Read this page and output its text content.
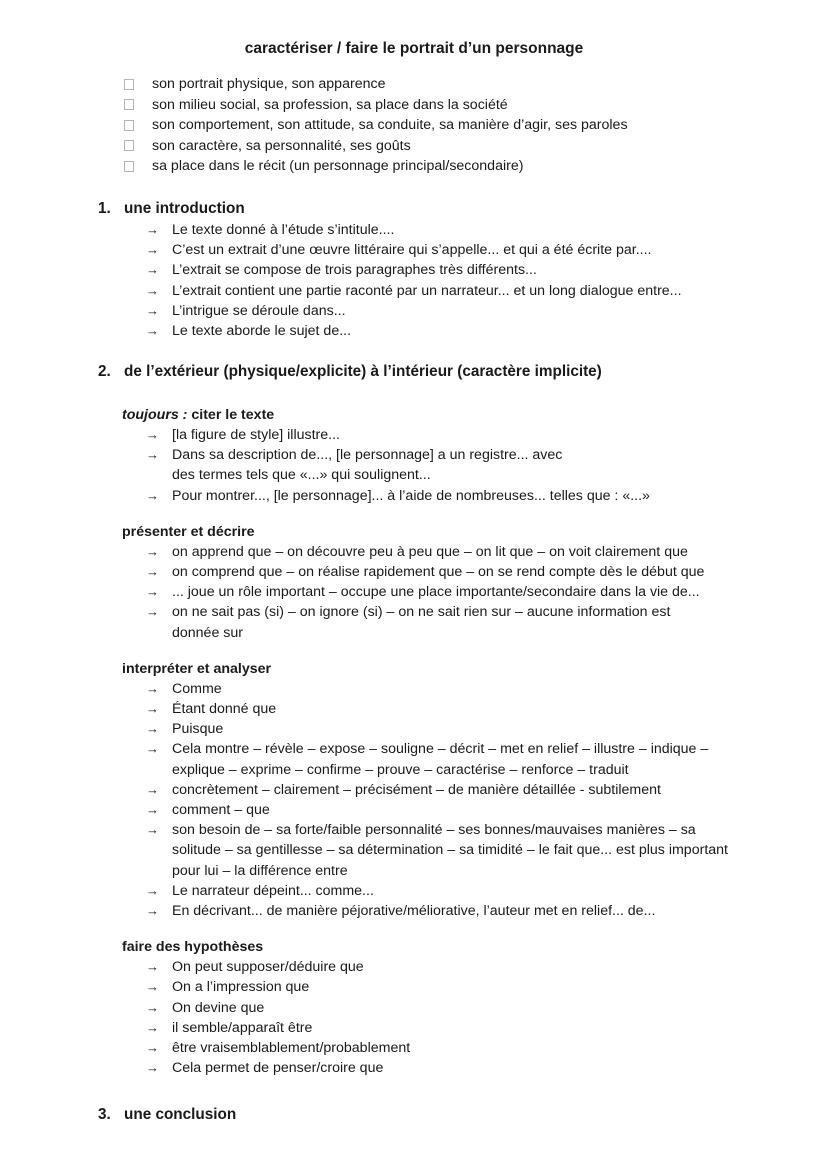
caractériser / faire le portrait d’un personnage
son portrait physique, son apparence
son milieu social, sa profession, sa place dans la société
son comportement, son attitude, sa conduite, sa manière d’agir, ses paroles
son caractère, sa personnalité, ses goûts
sa place dans le récit (un personnage principal/secondaire)
1. une introduction
→ Le texte donné à l’étude s’intitule....
→ C’est un extrait d’une œuvre littéraire qui s’appelle... et qui a été écrite par....
→ L’extrait se compose de trois paragraphes très différents...
→ L’extrait contient une partie raconté par un narrateur... et un long dialogue entre...
→ L’intrigue se déroule dans...
→ Le texte aborde le sujet de...
2. de l’extérieur (physique/explicite) à l’intérieur (caractère implicite)
toujours : citer le texte
→ [la figure de style] illustre...
→ Dans sa description de..., [le personnage] a un registre... avec des termes tels que «...» qui soulignent...
→ Pour montrer..., [le personnage]... à l’aide de nombreuses... telles que : «...»
présenter et décrire
→ on apprend que – on découvre peu à peu que – on lit que – on voit clairement que
→ on comprend que – on réalise rapidement que – on se rend compte dès le début que
→ ... joue un rôle important – occupe une place importante/secondaire dans la vie de...
→ on ne sait pas (si) – on ignore (si) – on ne sait rien sur – aucune information est donnée sur
interpréter et analyser
→ Comme
→ Étant donné que
→ Puisque
→ Cela montre – révèle – expose – souligne – décrit – met en relief – illustre – indique – explique – exprime – confirme – prouve – caractérise – renforce – traduit
→ concrètement – clairement – précisément – de manière détaillée - subtilement
→ comment – que
→ son besoin de – sa forte/faible personnalité – ses bonnes/mauvaises manières – sa solitude – sa gentillesse – sa détermination – sa timidité – le fait que... est plus important pour lui – la différence entre
→ Le narrateur dépeint... comme...
→ En décrivant... de manière péjorative/méliorative, l’auteur met en relief... de...
faire des hypothèses
→ On peut supposer/déduire que
→ On a l’impression que
→ On devine que
→ il semble/apparaît être
→ être vraisemblablement/probablement
→ Cela permet de penser/croire que
3. une conclusion
